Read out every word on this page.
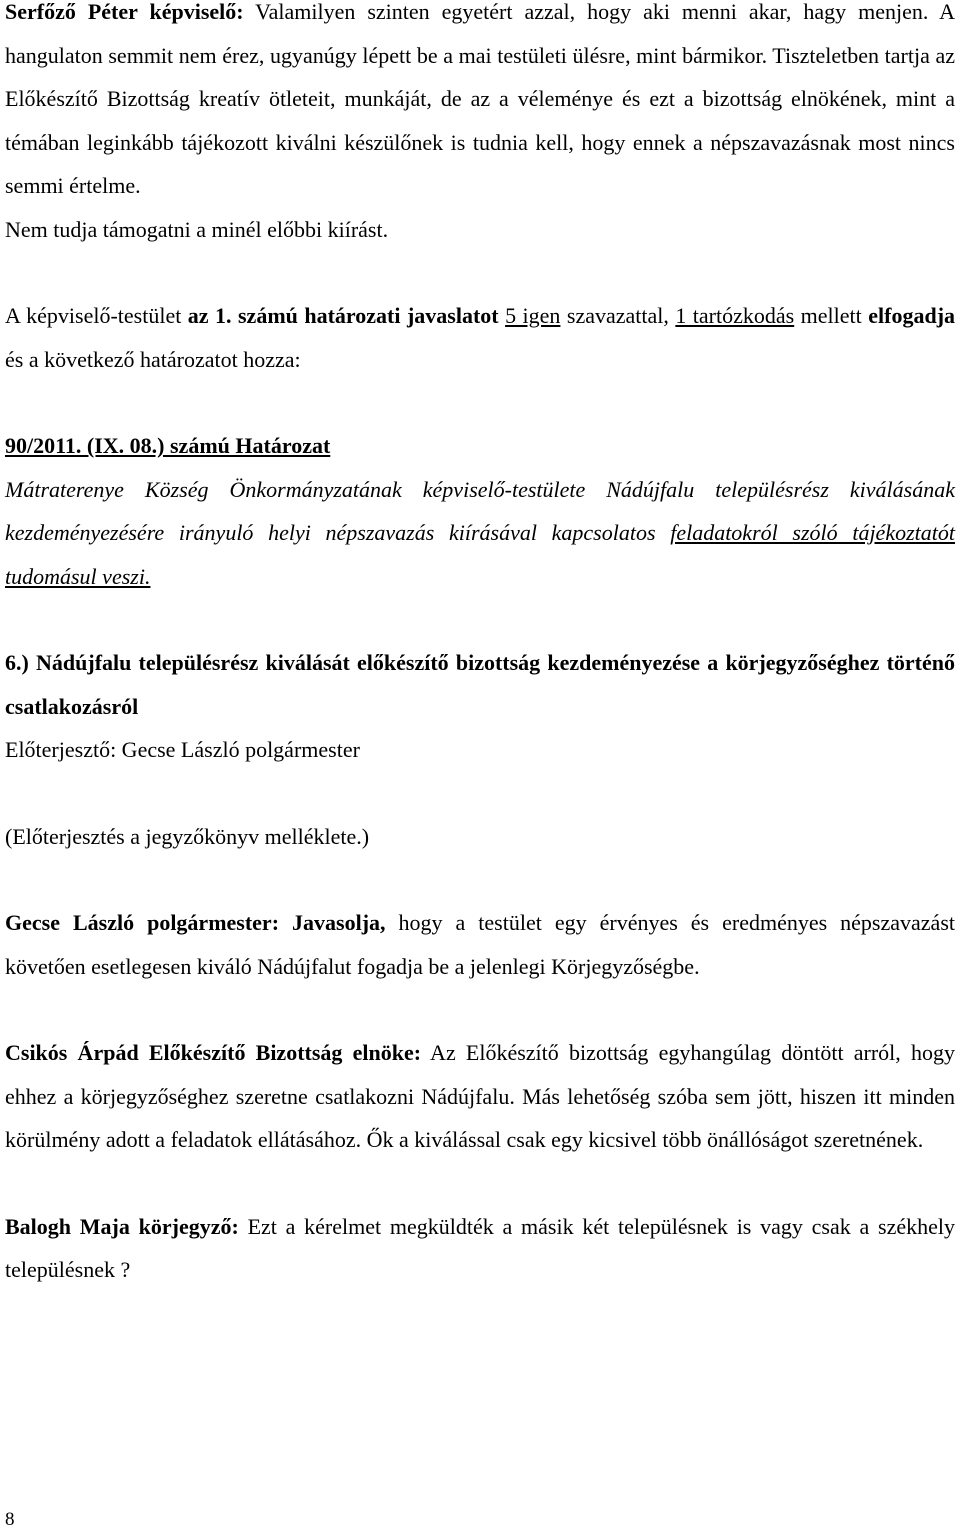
Serfőző Péter képviselő: Valamilyen szinten egyetért azzal, hogy aki menni akar, hagy menjen. A hangulaton semmit nem érez, ugyanúgy lépett be a mai testületi ülésre, mint bármikor. Tiszteletben tartja az Előkészítő Bizottság kreatív ötleteit, munkáját, de az a véleménye és ezt a bizottság elnökének, mint a témában leginkább tájékozott kiválni készülőnek is tudnia kell, hogy ennek a népszavazásnak most nincs semmi értelme.

Nem tudja támogatni a minél előbbi kiírást.

A képviselő-testület az 1. számú határozati javaslatot 5 igen szavazattal, 1 tartózkodás mellett elfogadja és a következő határozatot hozza:

90/2011. (IX. 08.) számú Határozat

Mátraterenye Község Önkormányzatának képviselő-testülete Nádújfalu településrész kiválásának kezdeményezésére irányuló helyi népszavazás kiírásával kapcsolatos feladatokról szóló tájékoztatót tudomásul veszi.

6.) Nádújfalu településrész kiválását előkészítő bizottság kezdeményezése a körjegyzőséghez történő csatlakozásról

Előterjesztő: Gecse László polgármester

(Előterjesztés a jegyzőkönyv melléklete.)

Gecse László polgármester: Javasolja, hogy a testület egy érvényes és eredményes népszavazást követően esetlegesen kiváló Nádújfalut fogadja be a jelenlegi Körjegyzőségbe.

Csikós Árpád Előkészítő Bizottság elnöke: Az Előkészítő bizottság egyhangúlag döntött arról, hogy ehhez a körjegyzőséghez szeretne csatlakozni Nádújfalu. Más lehetőség szóba sem jött, hiszen itt minden körülmény adott a feladatok ellátásához. Ők a kiválással csak egy kicsivel több önállóságot szeretnének.

Balogh Maja körjegyző: Ezt a kérelmet megküldték a másik két településnek is vagy csak a székhely településnek ?

8
